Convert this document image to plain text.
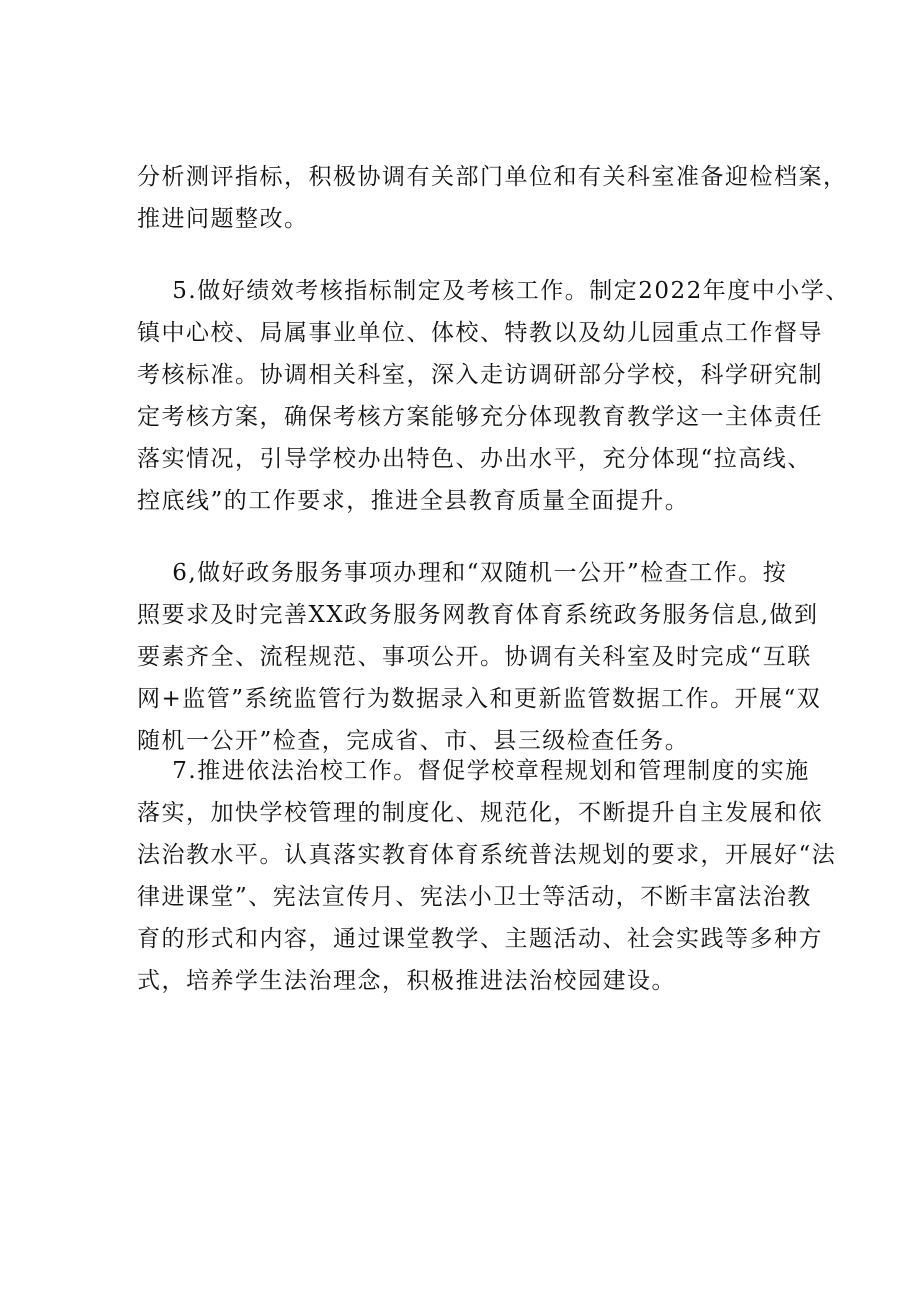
分析测评指标，积极协调有关部门单位和有关科室准备迎检档案，
推进问题整改。

5.做好绩效考核指标制定及考核工作。制定2022年度中小学、
镇中心校、局属事业单位、体校、特教以及幼儿园重点工作督导
考核标准。协调相关科室，深入走访调研部分学校，科学研究制
定考核方案，确保考核方案能够充分体现教育教学这一主体责任
落实情况，引导学校办出特色、办出水平，充分体现“拉高线、
控底线”的工作要求，推进全县教育质量全面提升。

6,做好政务服务事项办理和“双随机一公开”检查工作。按
照要求及时完善XX政务服务网教育体育系统政务服务信息,做到
要素齐全、流程规范、事项公开。协调有关科室及时完成“互联
网+监管”系统监管行为数据录入和更新监管数据工作。开展“双
随机一公开”检查，完成省、市、县三级检查任务。

7.推进依法治校工作。督促学校章程规划和管理制度的实施
落实，加快学校管理的制度化、规范化，不断提升自主发展和依
法治教水平。认真落实教育体育系统普法规划的要求，开展好“法
律进课堂”、宪法宣传月、宪法小卫士等活动，不断丰富法治教
育的形式和内容，通过课堂教学、主题活动、社会实践等多种方
式，培养学生法治理念，积极推进法治校园建设。
